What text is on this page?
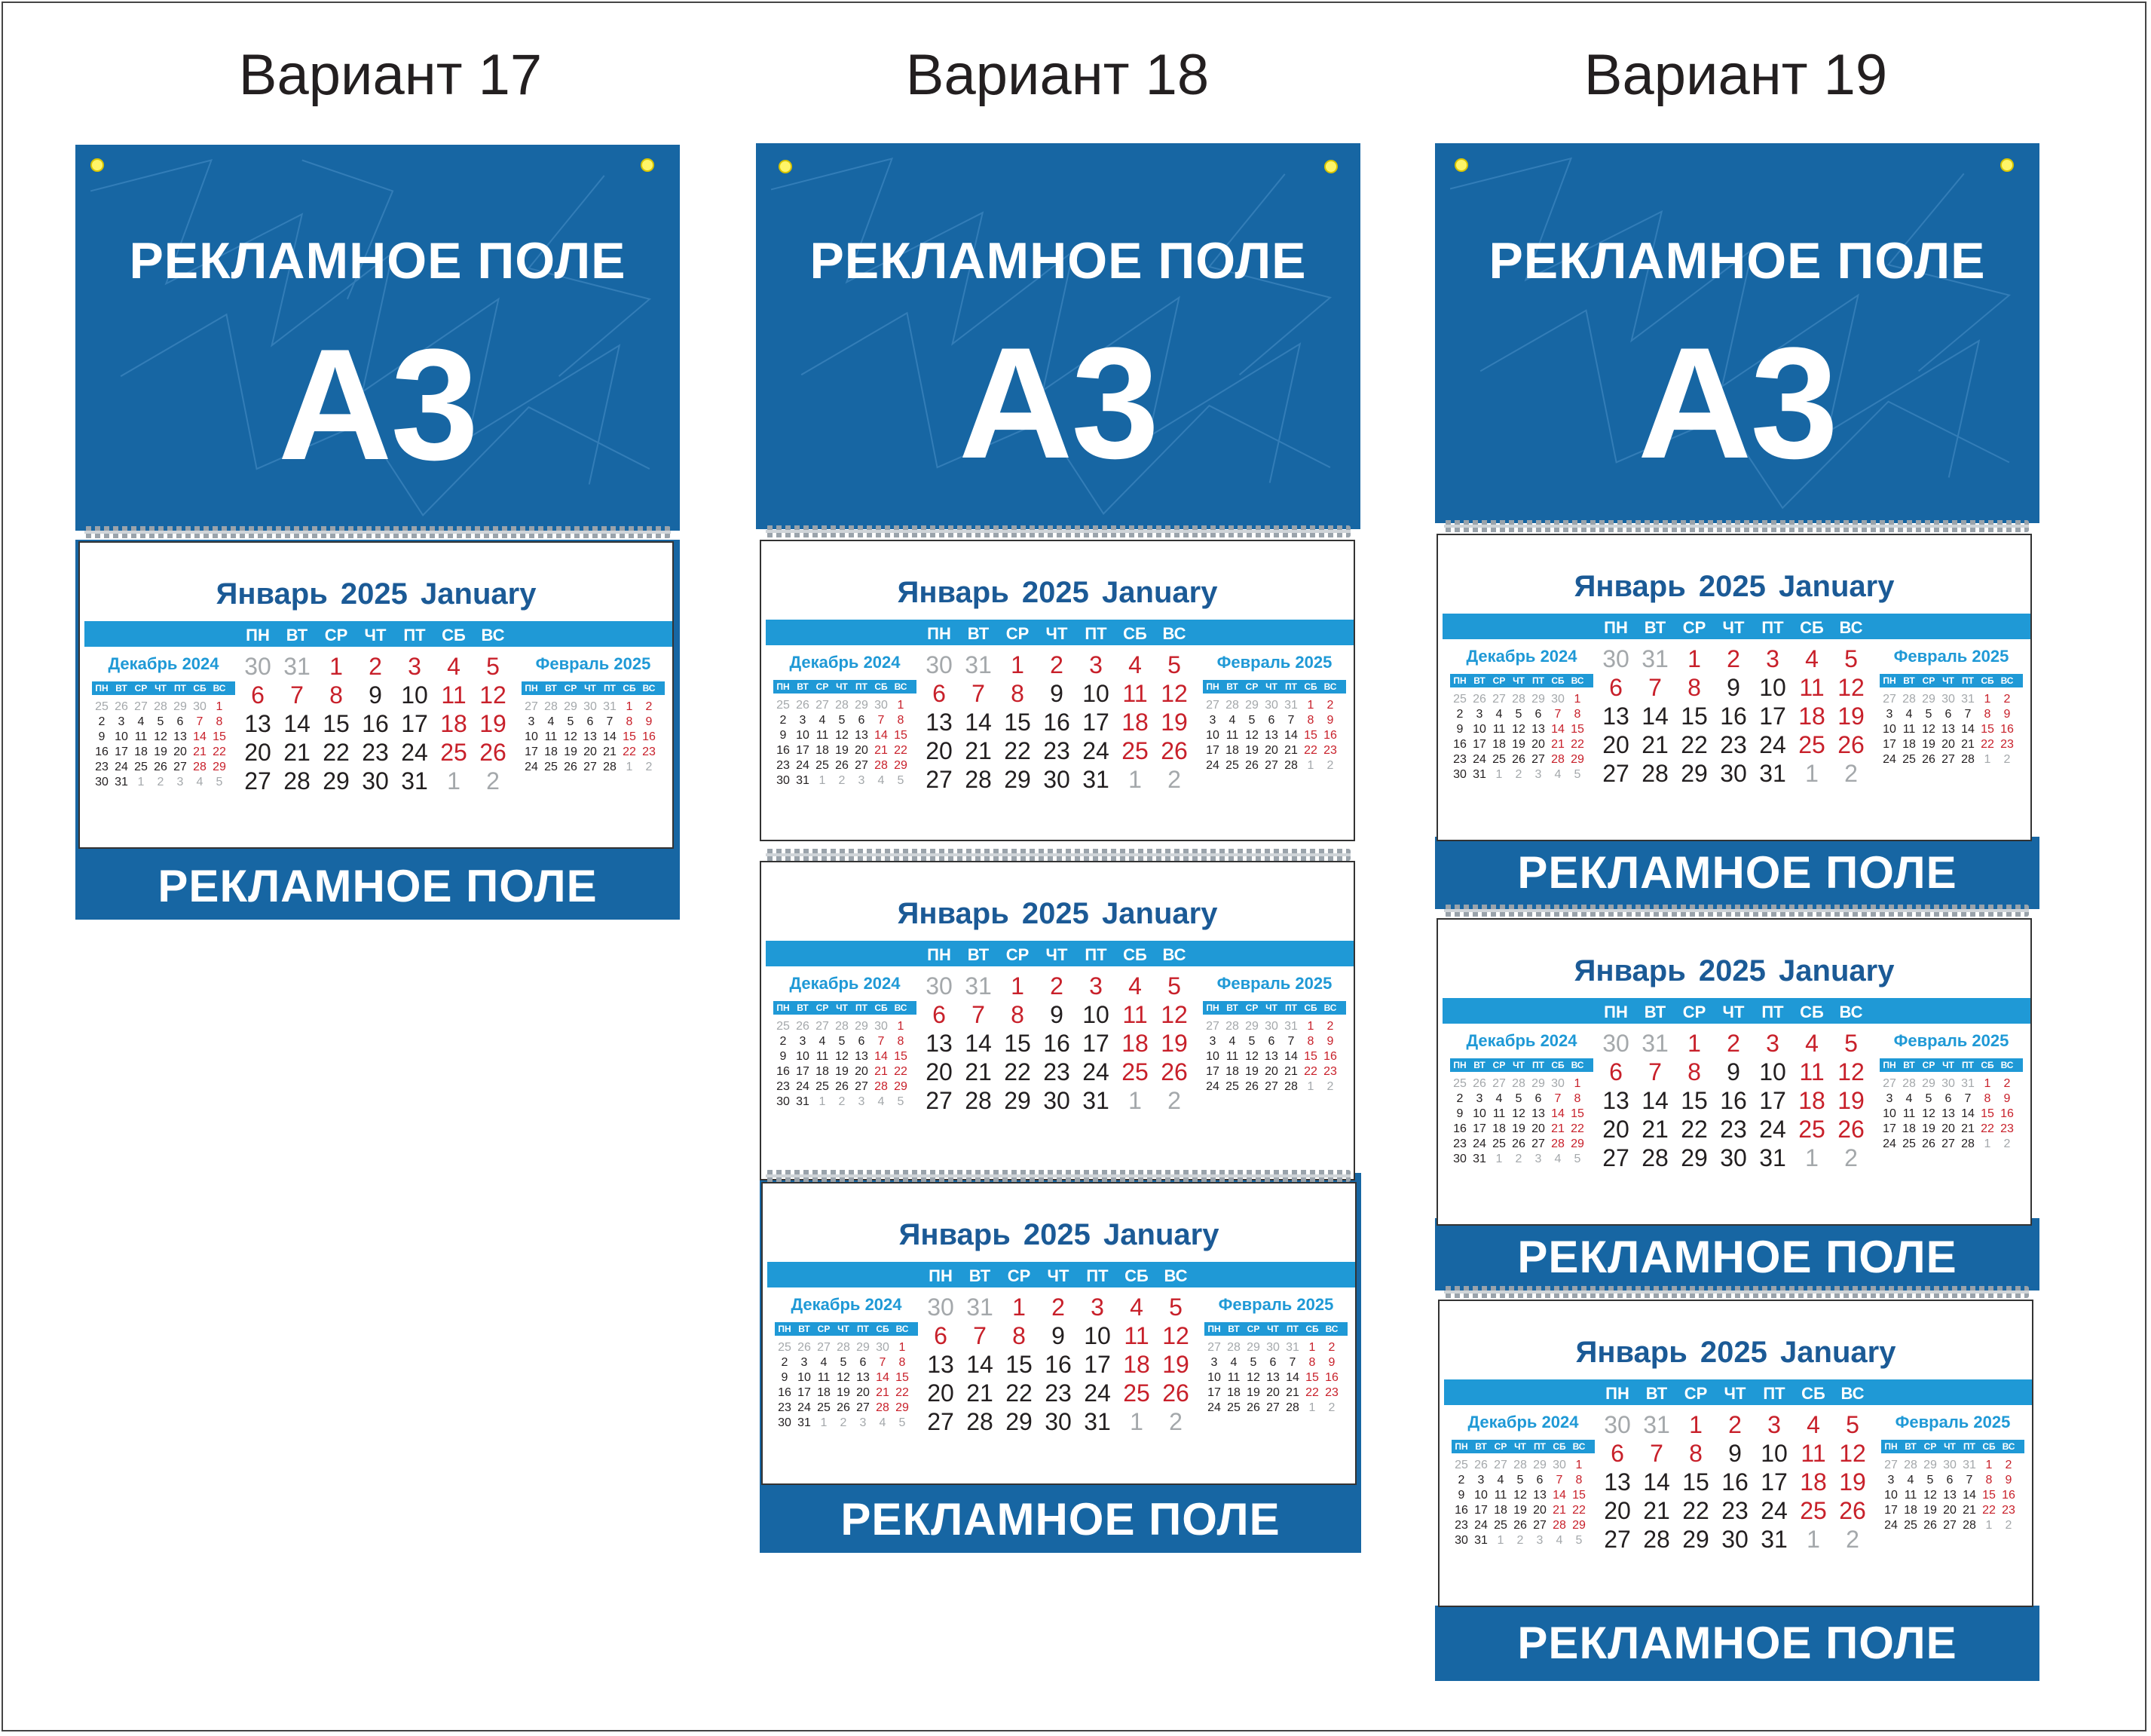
Вариант 17	Вариант 18	Вариант 19
РЕКЛАМНОЕ ПОЛЕ
А3
РЕКЛАМНОЕ ПОЛЕ
Январь 2025 January
ПН ВТ	СР	ЧТ	ПТ СБ ВС
30 31 1	2	3	4	5
6	7	8	9 10 11 12
13 14 15 16 17 18 19
20 21 22 23 24 25 26
27 28 29 30 31 1	2
Декабрь 2024
ПН ВТ СР ЧТ ПТ СБ ВС
25 26 27 28 29 30 1
2	3	4	5	6	7	8
9 10 11 12 13 14 15
16 17 18 19 20 21 22
23 24 25 26 27 28 29
30 31 1	2	3	4	5
Февраль 2025
ПН ВТ СР ЧТ ПТ СБ ВС
27 28 29 30 31 1	2
3	4	5	6	7	8	9
10 11 12 13 14 15 16
17 18 19 20 21 22 23
24 25 26 27 28 1	2
РЕКЛАМНОЕ ПОЛЕ
А3
РЕКЛАМНОЕ ПОЛЕ
Январь 2025 January
ПН ВТ	СР	ЧТ	ПТ СБ ВС
30 31 1	2	3	4	5
6	7	8	9 10 11 12
13 14 15 16 17 18 19
20 21 22 23 24 25 26
27 28 29 30 31 1	2
Декабрь 2024
ПН ВТ СР ЧТ ПТ СБ ВС
25 26 27 28 29 30 1
2	3	4	5	6	7	8
9 10 11 12 13 14 15
16 17 18 19 20 21 22
23 24 25 26 27 28 29
30 31 1	2	3	4	5
Февраль 2025
ПН ВТ СР ЧТ ПТ СБ ВС
27 28 29 30 31 1	2
3	4	5	6	7	8	9
10 11 12 13 14 15 16
17 18 19 20 21 22 23
24 25 26 27 28 1	2
Январь 2025 January
ПН ВТ	СР	ЧТ	ПТ СБ ВС
30 31 1	2	3	4	5
6	7	8	9 10 11 12
13 14 15 16 17 18 19
20 21 22 23 24 25 26
27 28 29 30 31 1	2
Декабрь 2024
ПН ВТ СР ЧТ ПТ СБ ВС
25 26 27 28 29 30 1
2	3	4	5	6	7	8
9 10 11 12 13 14 15
16 17 18 19 20 21 22
23 24 25 26 27 28 29
30 31 1	2	3	4	5
Февраль 2025
ПН ВТ СР ЧТ ПТ СБ ВС
27 28 29 30 31 1	2
3	4	5	6	7	8	9
10 11 12 13 14 15 16
17 18 19 20 21 22 23
24 25 26 27 28 1	2
Январь 2025 January
ПН ВТ	СР	ЧТ	ПТ СБ ВС
30 31 1	2	3	4	5
6	7	8	9 10 11 12
13 14 15 16 17 18 19
20 21 22 23 24 25 26
27 28 29 30 31 1	2
Декабрь 2024
ПН ВТ СР ЧТ ПТ СБ ВС
25 26 27 28 29 30 1
2	3	4	5	6	7	8
9 10 11 12 13 14 15
16 17 18 19 20 21 22
23 24 25 26 27 28 29
30 31 1	2	3	4	5
Февраль 2025
ПН ВТ СР ЧТ ПТ СБ ВС
27 28 29 30 31 1	2
3	4	5	6	7	8	9
10 11 12 13 14 15 16
17 18 19 20 21 22 23
24 25 26 27 28 1	2
РЕКЛАМНОЕ ПОЛЕ
А3
РЕКЛАМНОЕ ПОЛЕ
РЕКЛАМНОЕ ПОЛЕ
РЕКЛАМНОЕ ПОЛЕ
Январь 2025 January
ПН ВТ	СР	ЧТ	ПТ СБ ВС
30 31 1	2	3	4	5
6	7	8	9 10 11 12
13 14 15 16 17 18 19
20 21 22 23 24 25 26
27 28 29 30 31 1	2
Декабрь 2024
ПН ВТ СР ЧТ ПТ СБ ВС
25 26 27 28 29 30 1
2	3	4	5	6	7	8
9 10 11 12 13 14 15
16 17 18 19 20 21 22
23 24 25 26 27 28 29
30 31 1	2	3	4	5
Февраль 2025
ПН ВТ СР ЧТ ПТ СБ ВС
27 28 29 30 31 1	2
3	4	5	6	7	8	9
10 11 12 13 14 15 16
17 18 19 20 21 22 23
24 25 26 27 28 1	2
Январь 2025 January
ПН ВТ	СР	ЧТ	ПТ СБ ВС
30 31 1	2	3	4	5
6	7	8	9 10 11 12
13 14 15 16 17 18 19
20 21 22 23 24 25 26
27 28 29 30 31 1	2
Декабрь 2024
ПН ВТ СР ЧТ ПТ СБ ВС
25 26 27 28 29 30 1
2	3	4	5	6	7	8
9 10 11 12 13 14 15
16 17 18 19 20 21 22
23 24 25 26 27 28 29
30 31 1	2	3	4	5
Февраль 2025
ПН ВТ СР ЧТ ПТ СБ ВС
27 28 29 30 31 1	2
3	4	5	6	7	8	9
10 11 12 13 14 15 16
17 18 19 20 21 22 23
24 25 26 27 28 1	2
Январь 2025 January
ПН ВТ	СР	ЧТ	ПТ СБ ВС
30 31 1	2	3	4	5
6	7	8	9 10 11 12
13 14 15 16 17 18 19
20 21 22 23 24 25 26
27 28 29 30 31 1	2
Декабрь 2024
ПН ВТ СР ЧТ ПТ СБ ВС
25 26 27 28 29 30 1
2	3	4	5	6	7	8
9 10 11 12 13 14 15
16 17 18 19 20 21 22
23 24 25 26 27 28 29
30 31 1	2	3	4	5
Февраль 2025
ПН ВТ СР ЧТ ПТ СБ ВС
27 28 29 30 31 1	2
3	4	5	6	7	8	9
10 11 12 13 14 15 16
17 18 19 20 21 22 23
24 25 26 27 28 1	2
